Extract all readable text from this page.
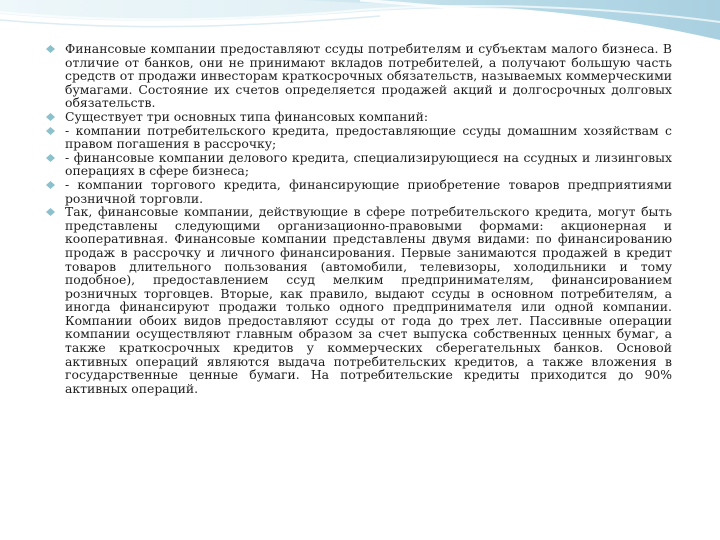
Финансовые компании предоставляют ссуды потребителям и субъектам малого бизнеса. В отличие от банков, они не принимают вкладов потребителей, а получают большую часть средств от продажи инвесторам краткосрочных обязательств, называемых коммерческими бумагами. Состояние их счетов определяется продажей акций и долгосрочных долговых обязательств.
Существует три основных типа финансовых компаний:
- компании потребительского кредита, предоставляющие ссуды домашним хозяйствам с правом погашения в рассрочку;
- финансовые компании делового кредита, специализирующиеся на ссудных и лизинговых операциях в сфере бизнеса;
- компании торгового кредита, финансирующие приобретение товаров предприятиями розничной торговли.
Так, финансовые компании, действующие в сфере потребительского кредита, могут быть представлены следующими организационно-правовыми формами: акционерная и кооперативная. Финансовые компании представлены двумя видами: по финансированию продаж в рассрочку и личного финансирования. Первые занимаются продажей в кредит товаров длительного пользования (автомобили, телевизоры, холодильники и тому подобное), предоставлением ссуд мелким предпринимателям, финансированием розничных торговцев. Вторые, как правило, выдают ссуды в основном потребителям, а иногда финансируют продажи только одного предпринимателя или одной компании. Компании обоих видов предоставляют ссуды от года до трех лет. Пассивные операции компании осуществляют главным образом за счет выпуска собственных ценных бумаг, а также краткосрочных кредитов у коммерческих сберегательных банков. Основой активных операций являются выдача потребительских кредитов, а также вложения в государственные ценные бумаги. На потребительские кредиты приходится до 90% активных операций.
